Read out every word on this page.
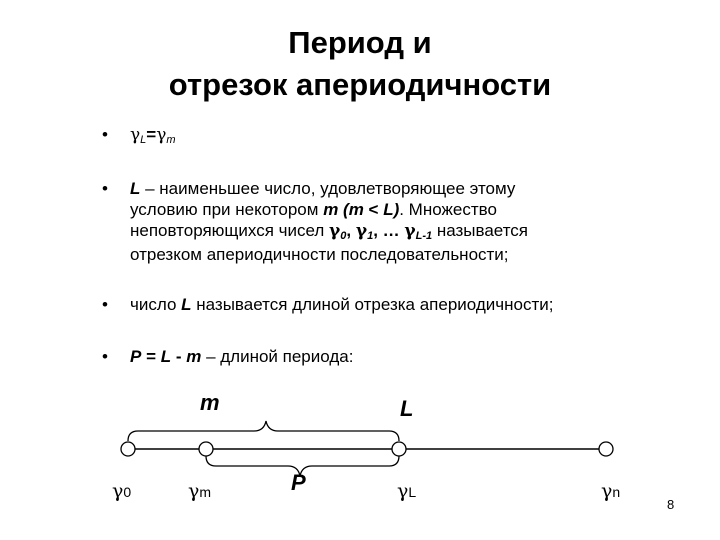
Период и
отрезок апериодичности
• γL=γm
• L – наименьшее число, удовлетворяющее этому
условию при некотором m (m < L). Множество
неповторяющихся чисел γ0, γ1, … γL-1 называется
отрезком апериодичности последовательности;
• число L называется длиной отрезка апериодичности;
• P = L - m – длиной периода:
m	L
P
γ0	γm	γL	γn
8
